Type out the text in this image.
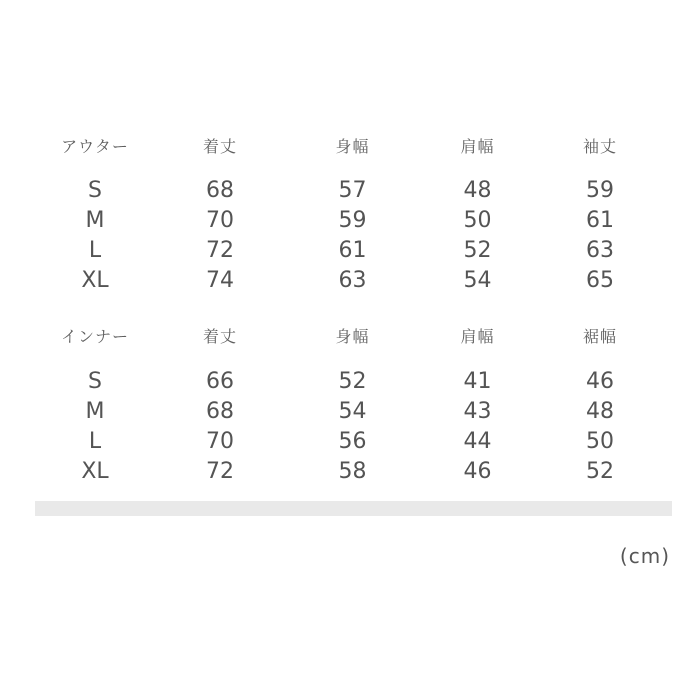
アウター	着丈	身幅	肩幅	袖丈
S	68	57	48	59
M	70	59	50	61
L	72	61	52	63
XL	74	63	54	65
インナー	着丈	身幅	肩幅	裾幅
S	66	52	41	46
M	68	54	43	48
L	70	56	44	50
XL	72	58	46	52
(cm)
